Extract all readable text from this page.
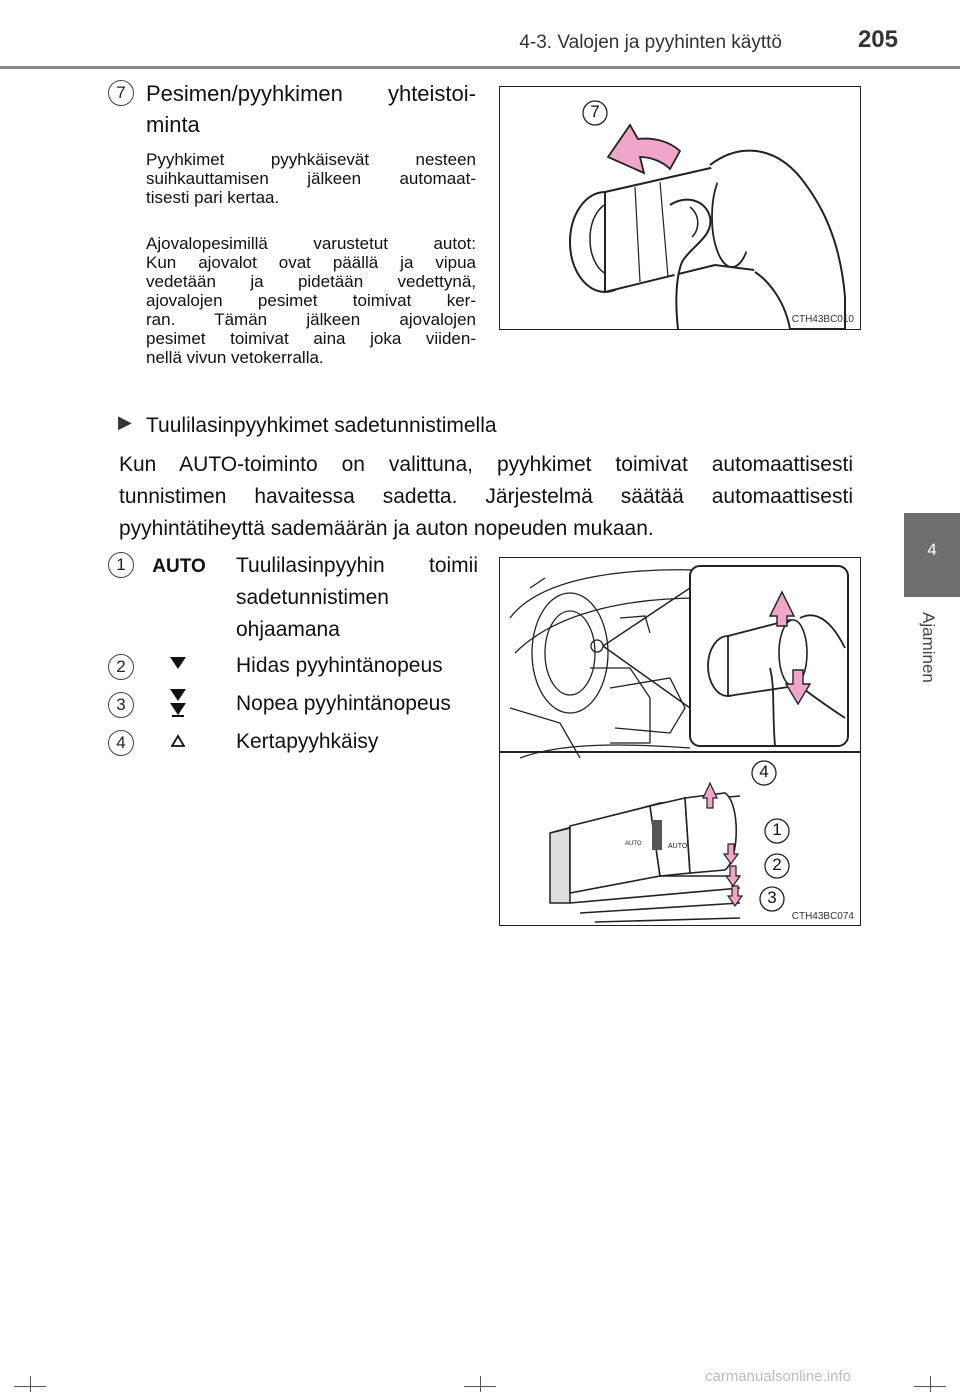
4-3. Valojen ja pyyhinten käyttö	205
4
Ajaminen
7 Pesimen/pyyhkimen yhteistoi-
minta
Pyyhkimet pyyhkäisevät nesteen
suihkauttamisen jälkeen automaat-
tisesti pari kertaa.
Ajovalopesimillä varustetut autot:
Kun ajovalot ovat päällä ja vipua
vedetään ja pidetään vedettynä,
ajovalojen pesimet toimivat ker-
ran. Tämän jälkeen ajovalojen
pesimet toimivat aina joka viiden-
nellä vivun vetokerralla.
7
CTH43BC010
▶ Tuulilasinpyyhkimet sadetunnistimella
Kun AUTO-toiminto on valittuna, pyyhkimet toimivat automaattisesti
tunnistimen havaitessa sadetta. Järjestelmä säätää automaattisesti
pyyhintätiheyttä sademäärän ja auton nopeuden mukaan.
1	AUTO Tuulilasinpyyhin toimii
sadetunnistimen
ohjaamana
2	Hidas pyyhintänopeus
3	Nopea pyyhintänopeus
4	Kertapyyhkäisy
AUTO	AUTO
4
1
2
3
CTH43BC074
carmanualsonline.info
